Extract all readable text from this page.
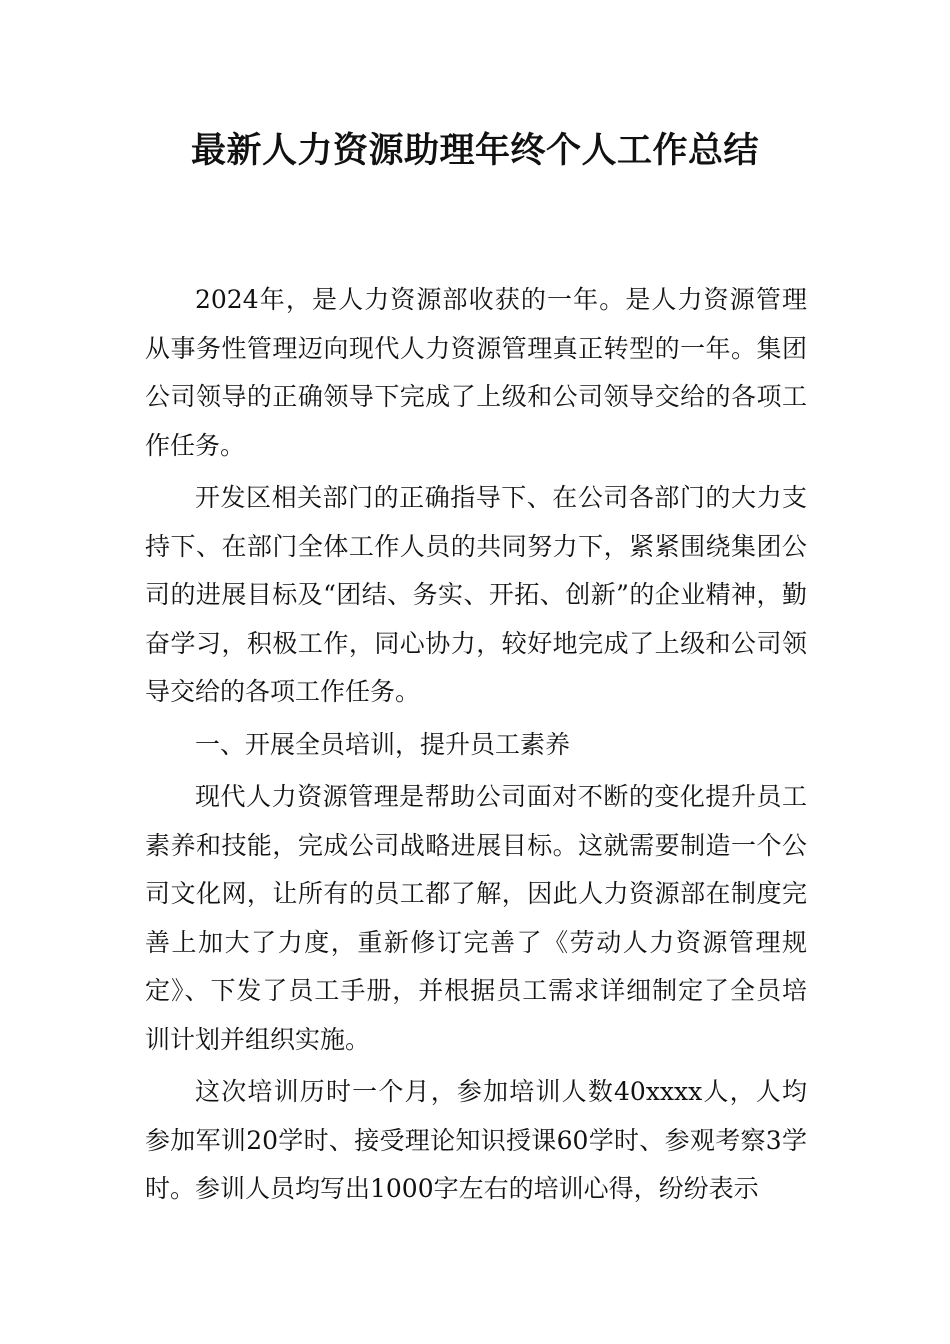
最新人力资源助理年终个人工作总结

2024年，是人力资源部收获的一年。是人力资源管理从事务性管理迈向现代人力资源管理真正转型的一年。集团公司领导的正确领导下完成了上级和公司领导交给的各项工作任务。

开发区相关部门的正确指导下、在公司各部门的大力支持下、在部门全体工作人员的共同努力下，紧紧围绕集团公司的进展目标及“团结、务实、开拓、创新”的企业精神，勤奋学习，积极工作，同心协力，较好地完成了上级和公司领导交给的各项工作任务。

一、开展全员培训，提升员工素养

现代人力资源管理是帮助公司面对不断的变化提升员工素养和技能，完成公司战略进展目标。这就需要制造一个公司文化网，让所有的员工都了解，因此人力资源部在制度完善上加大了力度，重新修订完善了《劳动人力资源管理规定》、下发了员工手册，并根据员工需求详细制定了全员培训计划并组织实施。

这次培训历时一个月，参加培训人数40xxxx人，人均参加军训20学时、接受理论知识授课60学时、参观考察3学时。参训人员均写出1000字左右的培训心得，纷纷表示
